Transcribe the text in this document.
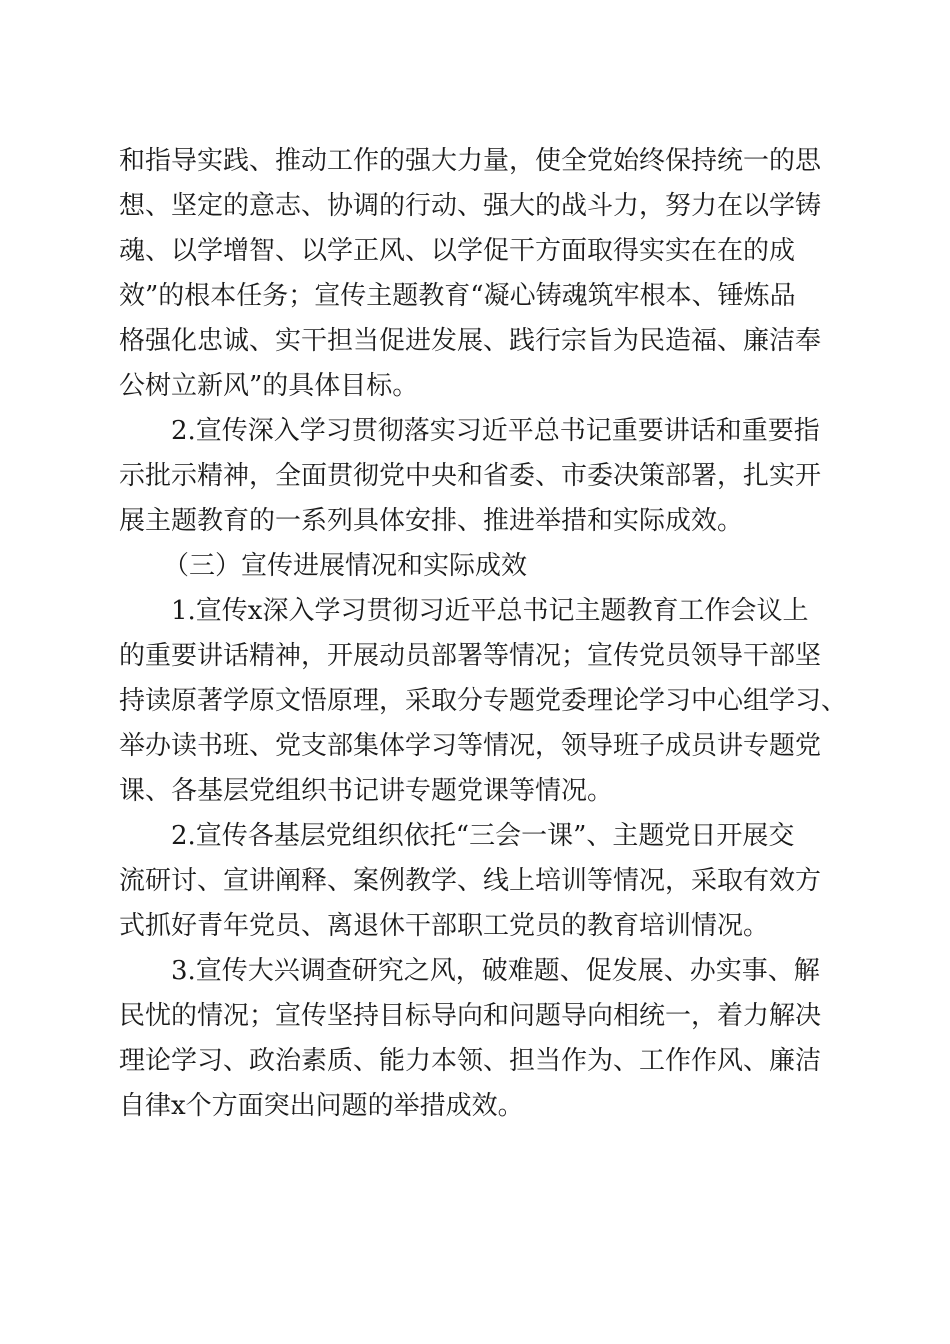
和指导实践、推动工作的强大力量，使全党始终保持统一的思
想、坚定的意志、协调的行动、强大的战斗力，努力在以学铸
魂、以学增智、以学正风、以学促干方面取得实实在在的成
效”的根本任务；宣传主题教育“凝心铸魂筑牢根本、锤炼品
格强化忠诚、实干担当促进发展、践行宗旨为民造福、廉洁奉
公树立新风”的具体目标。
2.宣传深入学习贯彻落实习近平总书记重要讲话和重要指
示批示精神，全面贯彻党中央和省委、市委决策部署，扎实开
展主题教育的一系列具体安排、推进举措和实际成效。
（三）宣传进展情况和实际成效
1.宣传x深入学习贯彻习近平总书记主题教育工作会议上
的重要讲话精神，开展动员部署等情况；宣传党员领导干部坚
持读原著学原文悟原理，采取分专题党委理论学习中心组学习、
举办读书班、党支部集体学习等情况，领导班子成员讲专题党
课、各基层党组织书记讲专题党课等情况。
2.宣传各基层党组织依托“三会一课”、主题党日开展交
流研讨、宣讲阐释、案例教学、线上培训等情况，采取有效方
式抓好青年党员、离退休干部职工党员的教育培训情况。
3.宣传大兴调查研究之风，破难题、促发展、办实事、解
民忧的情况；宣传坚持目标导向和问题导向相统一，着力解决
理论学习、政治素质、能力本领、担当作为、工作作风、廉洁
自律x个方面突出问题的举措成效。
